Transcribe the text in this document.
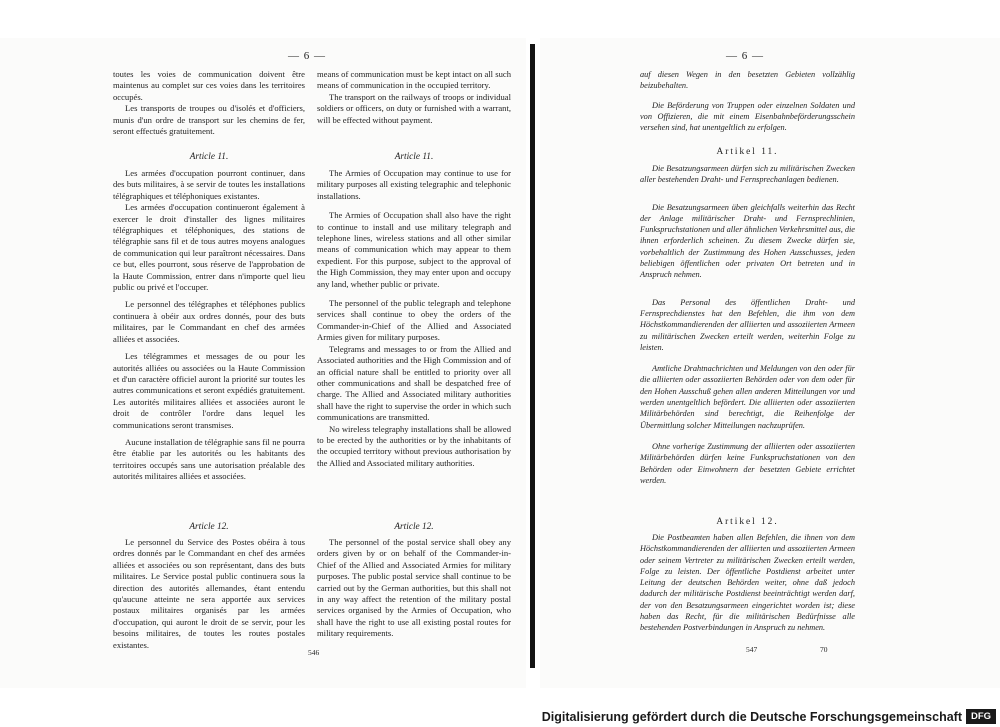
— 6 —

toutes les voies de communication doivent être maintenus au complet sur ces voies dans les territoires occupés.

Les transports de troupes ou d'isolés et d'officiers, munis d'un ordre de transport sur les chemins de fer, seront effectués gratuitement.

Article 11.

Les armées d'occupation pourront continuer, dans des buts militaires, à se servir de toutes les installations télégraphiques et téléphoniques existantes.

Les armées d'occupation continueront également à exercer le droit d'installer des lignes militaires télégraphiques et téléphoniques, des stations de télégraphie sans fil et de tous autres moyens analogues de communication qui leur paraîtront nécessaires. Dans ce but, elles pourront, sous réserve de l'approbation de la Haute Commission, entrer dans n'importe quel lieu public ou privé et l'occuper.

Le personnel des télégraphes et téléphones publics continuera à obéir aux ordres donnés, pour des buts militaires, par le Commandant en chef des armées alliées et associées.

Les télégrammes et messages de ou pour les autorités alliées ou associées ou la Haute Commission et d'un caractère officiel auront la priorité sur toutes les autres communications et seront expédiés gratuitement. Les autorités militaires alliées et associées auront le droit de contrôler l'ordre dans lequel les communications seront transmises.

Aucune installation de télégraphie sans fil ne pourra être établie par les autorités ou les habitants des territoires occupés sans une autorisation préalable des autorités militaires alliées et associées.

Article 12.

Le personnel du Service des Postes obéira à tous ordres donnés par le Commandant en chef des armées alliées et associées ou son représentant, dans des buts militaires. Le Service postal public continuera sous la direction des autorités allemandes, étant entendu qu'aucune atteinte ne sera apportée aux services postaux militaires organisés par les armées d'occupation, qui auront le droit de se servir, pour les besoins militaires, de toutes les routes postales existantes.

means of communication must be kept intact on all such means of communication in the occupied territory.

The transport on the railways of troops or individual soldiers or officers, on duty or furnished with a warrant, will be effected without payment.

Article 11.

The Armies of Occupation may continue to use for military purposes all existing telegraphic and telephonic installations.

The Armies of Occupation shall also have the right to continue to install and use military telegraph and telephone lines, wireless stations and all other similar means of communication which may appear to them expedient. For this purpose, subject to the approval of the High Commission, they may enter upon and occupy any land, whether public or private.

The personnel of the public telegraph and telephone services shall continue to obey the orders of the Commander-in-Chief of the Allied and Associated Armies given for military purposes.

Telegrams and messages to or from the Allied and Associated authorities and the High Commission and of an official nature shall be entitled to priority over all other communications and shall be despatched free of charge. The Allied and Associated military authorities shall have the right to supervise the order in which such communications are transmitted.

No wireless telegraphy installations shall be allowed to be erected by the authorities or by the inhabitants of the occupied territory without previous authorisation by the Allied and Associated military authorities.

Article 12.

The personnel of the postal service shall obey any orders given by or on behalf of the Commander-in-Chief of the Allied and Associated Armies for military purposes. The public postal service shall continue to be carried out by the German authorities, but this shall not in any way affect the retention of the military postal services organised by the Armies of Occupation, who shall have the right to use all existing postal routes for military requirements.

546
— 6 —

auf diesen Wegen in den besetzten Gebieten vollzählig beizubehalten.

Die Beförderung von Truppen oder einzelnen Soldaten und von Offizieren, die mit einem Eisenbahnbeförderungsschein versehen sind, hat unentgeltlich zu erfolgen.

Artikel 11.

Die Besatzungsarmeen dürfen sich zu militärischen Zwecken aller bestehenden Draht- und Fernsprechanlagen bedienen.

Die Besatzungsarmeen üben gleichfalls weiterhin das Recht der Anlage militärischer Draht- und Fernsprechlinien, Funkspruchstationen und aller ähnlichen Verkehrsmittel aus, die ihnen erforderlich scheinen. Zu diesem Zwecke dürfen sie, vorbehaltlich der Zustimmung des Hohen Ausschusses, jeden beliebigen öffentlichen oder privaten Ort betreten und in Anspruch nehmen.

Das Personal des öffentlichen Draht- und Fernsprechdienstes hat den Befehlen, die ihm von dem Höchstkommandierenden der alliierten und assoziierten Armeen zu militärischen Zwecken erteilt werden, weiterhin Folge zu leisten.

Amtliche Drahtnachrichten und Meldungen von den oder für die alliierten oder assoziierten Behörden oder von dem oder für den Hohen Ausschuß gehen allen anderen Mitteilungen vor und werden unentgeltlich befördert. Die alliierten oder assoziierten Militärbehörden sind berechtigt, die Reihenfolge der Übermittlung solcher Mitteilungen nachzuprüfen.

Ohne vorherige Zustimmung der alliierten oder assoziierten Militärbehörden dürfen keine Funkspruchstationen von den Behörden oder Einwohnern der besetzten Gebiete errichtet werden.

Artikel 12.

Die Postbeamten haben allen Befehlen, die ihnen von dem Höchstkommandierenden der alliierten und assoziierten Armeen oder seinem Vertreter zu militärischen Zwecken erteilt werden, Folge zu leisten. Der öffentliche Postdienst arbeitet unter Leitung der deutschen Behörden weiter, ohne daß jedoch dadurch der militärische Postdienst beeinträchtigt werden darf, der von den Besatzungsarmeen eingerichtet worden ist; diese haben das Recht, für die militärischen Bedürfnisse alle bestehenden Postverbindungen in Anspruch zu nehmen.

547	70
Digitalisierung gefördert durch die Deutsche Forschungsgemeinschaft DFG
